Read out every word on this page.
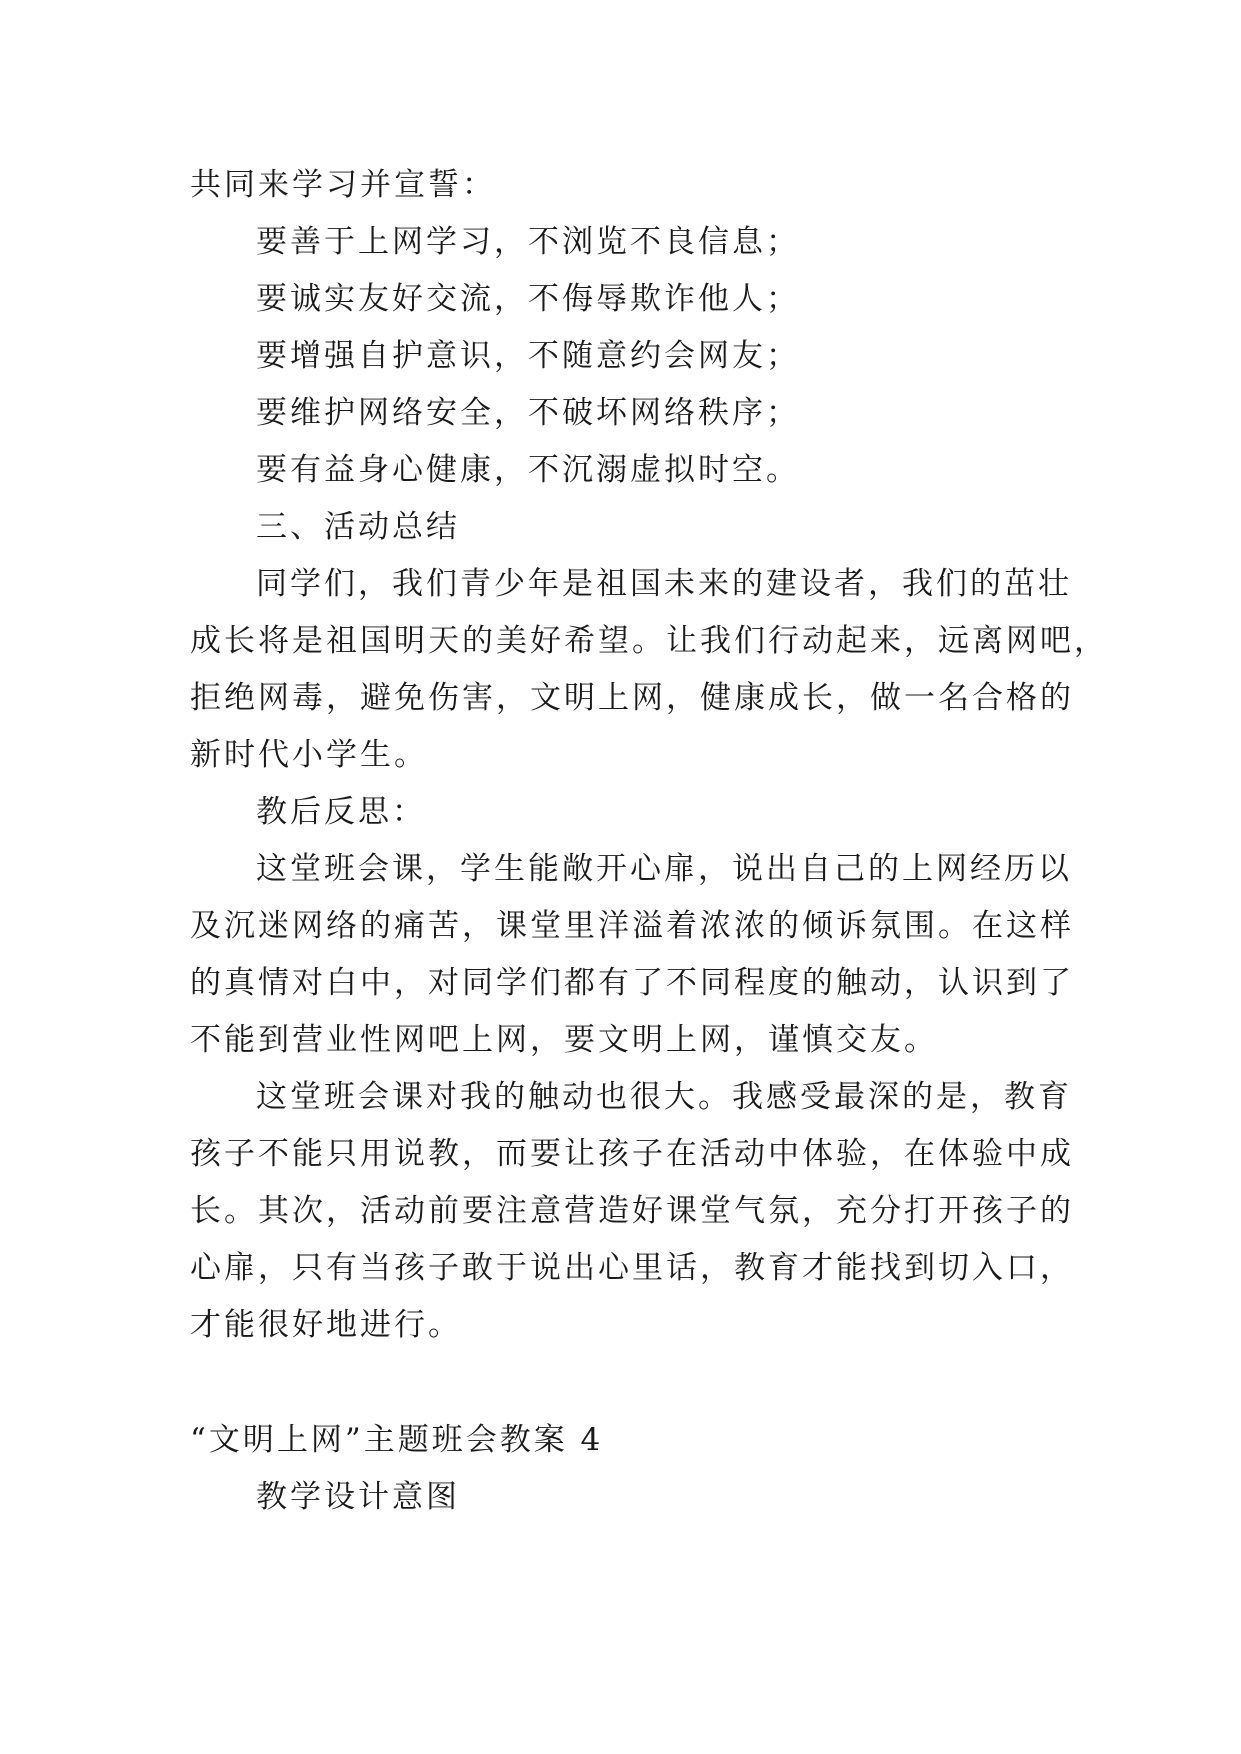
共同来学习并宣誓：

要善于上网学习，不浏览不良信息；

要诚实友好交流，不侮辱欺诈他人；

要增强自护意识，不随意约会网友；

要维护网络安全，不破坏网络秩序；

要有益身心健康，不沉溺虚拟时空。

三、活动总结

同学们，我们青少年是祖国未来的建设者，我们的茁壮

成长将是祖国明天的美好希望。让我们行动起来，远离网吧，

拒绝网毒，避免伤害，文明上网，健康成长，做一名合格的

新时代小学生。

教后反思：

这堂班会课，学生能敞开心扉，说出自己的上网经历以

及沉迷网络的痛苦，课堂里洋溢着浓浓的倾诉氛围。在这样

的真情对白中，对同学们都有了不同程度的触动，认识到了

不能到营业性网吧上网，要文明上网，谨慎交友。

这堂班会课对我的触动也很大。我感受最深的是，教育

孩子不能只用说教，而要让孩子在活动中体验，在体验中成

长。其次，活动前要注意营造好课堂气氛，充分打开孩子的

心扉，只有当孩子敢于说出心里话，教育才能找到切入口，

才能很好地进行。

“文明上网”主题班会教案 4

教学设计意图
